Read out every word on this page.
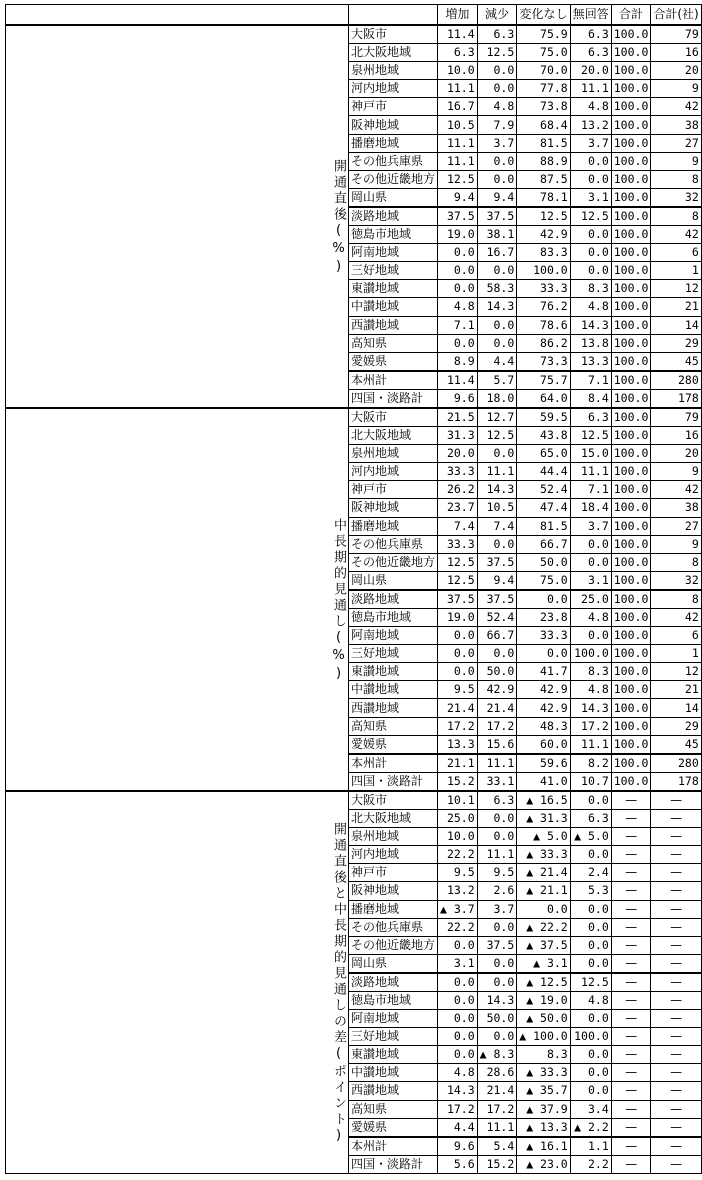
		増加	減少	変化なし	無回答	合計	合計(社)
開通直後(%)	大阪市	11.4	6.3	75.9	6.3	100.0	79
	北大阪地域	6.3	12.5	75.0	6.3	100.0	16
	泉州地域	10.0	0.0	70.0	20.0	100.0	20
	河内地域	11.1	0.0	77.8	11.1	100.0	9
	神戸市	16.7	4.8	73.8	4.8	100.0	42
	阪神地域	10.5	7.9	68.4	13.2	100.0	38
	播磨地域	11.1	3.7	81.5	3.7	100.0	27
	その他兵庫県	11.1	0.0	88.9	0.0	100.0	9
	その他近畿地方	12.5	0.0	87.5	0.0	100.0	8
	岡山県	9.4	9.4	78.1	3.1	100.0	32
	淡路地域	37.5	37.5	12.5	12.5	100.0	8
	徳島市地域	19.0	38.1	42.9	0.0	100.0	42
	阿南地域	0.0	16.7	83.3	0.0	100.0	6
	三好地域	0.0	0.0	100.0	0.0	100.0	1
	東讃地域	0.0	58.3	33.3	8.3	100.0	12
	中讃地域	4.8	14.3	76.2	4.8	100.0	21
	西讃地域	7.1	0.0	78.6	14.3	100.0	14
	高知県	0.0	0.0	86.2	13.8	100.0	29
	愛媛県	8.9	4.4	73.3	13.3	100.0	45
	本州計	11.4	5.7	75.7	7.1	100.0	280
	四国・淡路計	9.6	18.0	64.0	8.4	100.0	178
中長期的見通し(%)	大阪市	21.5	12.7	59.5	6.3	100.0	79
	北大阪地域	31.3	12.5	43.8	12.5	100.0	16
	泉州地域	20.0	0.0	65.0	15.0	100.0	20
	河内地域	33.3	11.1	44.4	11.1	100.0	9
	神戸市	26.2	14.3	52.4	7.1	100.0	42
	阪神地域	23.7	10.5	47.4	18.4	100.0	38
	播磨地域	7.4	7.4	81.5	3.7	100.0	27
	その他兵庫県	33.3	0.0	66.7	0.0	100.0	9
	その他近畿地方	12.5	37.5	50.0	0.0	100.0	8
	岡山県	12.5	9.4	75.0	3.1	100.0	32
	淡路地域	37.5	37.5	0.0	25.0	100.0	8
	徳島市地域	19.0	52.4	23.8	4.8	100.0	42
	阿南地域	0.0	66.7	33.3	0.0	100.0	6
	三好地域	0.0	0.0	0.0	100.0	100.0	1
	東讃地域	0.0	50.0	41.7	8.3	100.0	12
	中讃地域	9.5	42.9	42.9	4.8	100.0	21
	西讃地域	21.4	21.4	42.9	14.3	100.0	14
	高知県	17.2	17.2	48.3	17.2	100.0	29
	愛媛県	13.3	15.6	60.0	11.1	100.0	45
	本州計	21.1	11.1	59.6	8.2	100.0	280
	四国・淡路計	15.2	33.1	41.0	10.7	100.0	178
開通直後と中長期的見通しの差(ポイント)	大阪市	10.1	6.3	▲ 16.5	0.0	—	—
	北大阪地域	25.0	0.0	▲ 31.3	6.3	—	—
	泉州地域	10.0	0.0	▲ 5.0	▲ 5.0	—	—
	河内地域	22.2	11.1	▲ 33.3	0.0	—	—
	神戸市	9.5	9.5	▲ 21.4	2.4	—	—
	阪神地域	13.2	2.6	▲ 21.1	5.3	—	—
	播磨地域	▲ 3.7	3.7	0.0	0.0	—	—
	その他兵庫県	22.2	0.0	▲ 22.2	0.0	—	—
	その他近畿地方	0.0	37.5	▲ 37.5	0.0	—	—
	岡山県	3.1	0.0	▲ 3.1	0.0	—	—
	淡路地域	0.0	0.0	▲ 12.5	12.5	—	—
	徳島市地域	0.0	14.3	▲ 19.0	4.8	—	—
	阿南地域	0.0	50.0	▲ 50.0	0.0	—	—
	三好地域	0.0	0.0	▲ 100.0	100.0	—	—
	東讃地域	0.0	▲ 8.3	8.3	0.0	—	—
	中讃地域	4.8	28.6	▲ 33.3	0.0	—	—
	西讃地域	14.3	21.4	▲ 35.7	0.0	—	—
	高知県	17.2	17.2	▲ 37.9	3.4	—	—
	愛媛県	4.4	11.1	▲ 13.3	▲ 2.2	—	—
	本州計	9.6	5.4	▲ 16.1	1.1	—	—
	四国・淡路計	5.6	15.2	▲ 23.0	2.2	—	—
